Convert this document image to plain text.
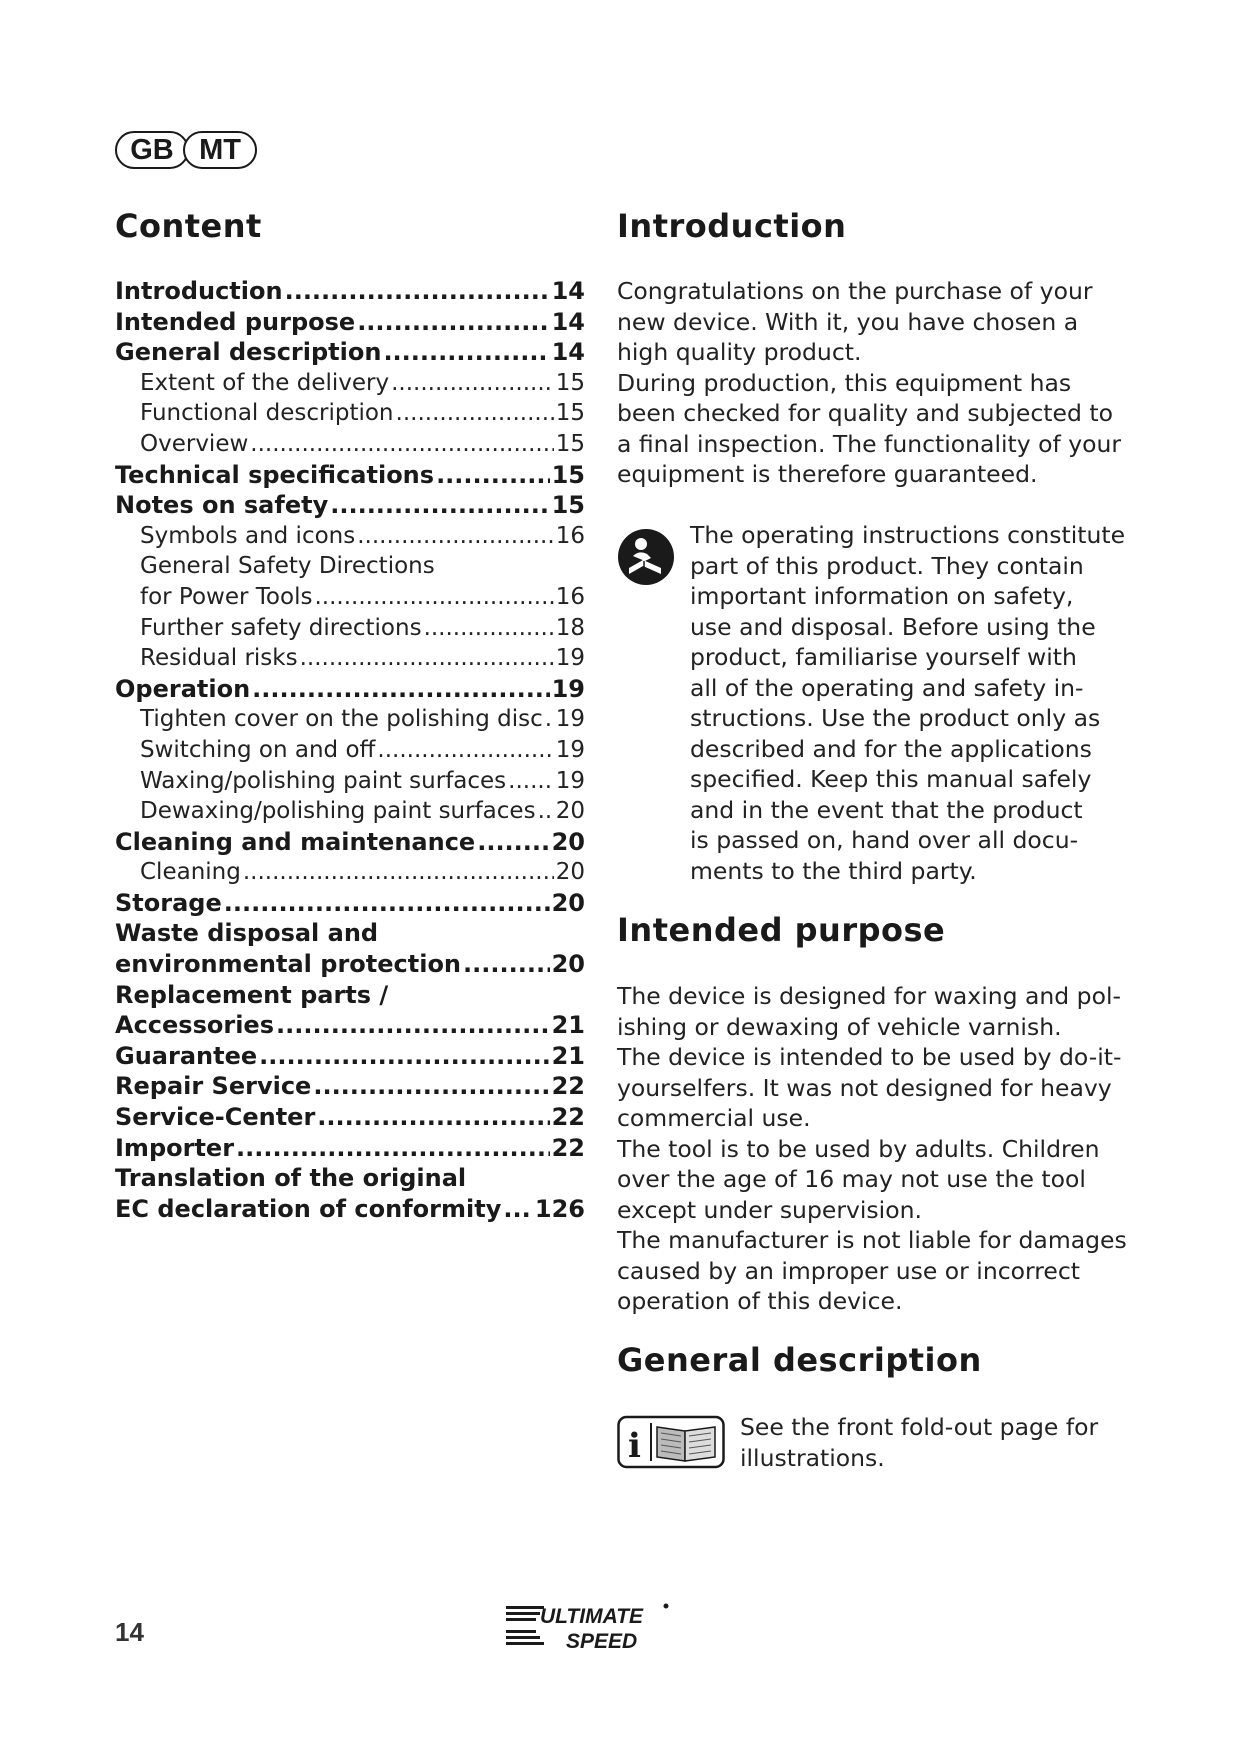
GB MT
Content
Introduction .....	14
Intended purpose .....	14
General description .....	14
Extent of the delivery .....	15
Functional description .....	15
Overview .....	15
Technical specifications .....	15
Notes on safety .....	15
Symbols and icons .....	16
General Safety Directions
for Power Tools .....	16
Further safety directions .....	18
Residual risks .....	19
Operation .....	19
Tighten cover on the polishing disc ..... 19
Switching on and off .....	19
Waxing/polishing paint surfaces ..... 19
Dewaxing/polishing paint surfaces ..... 20
Cleaning and maintenance .....	20
Cleaning .....	20
Storage .....	20
Waste disposal and
environmental protection .....	20
Replacement parts /
Accessories .....	21
Guarantee .....	21
Repair Service .....	22
Service-Center .....	22
Importer .....	22
Translation of the original
EC declaration of conformity ..... 126
Introduction
Congratulations on the purchase of your
new device. With it, you have chosen a
high quality product.
During production, this equipment has
been checked for quality and subjected to
a final inspection. The functionality of your
equipment is therefore guaranteed.
The operating instructions constitute
part of this product. They contain
important information on safety,
use and disposal. Before using the
product, familiarise yourself with
all of the operating and safety in-
structions. Use the product only as
described and for the applications
specified. Keep this manual safely
and in the event that the product
is passed on, hand over all docu-
ments to the third party.
Intended purpose
The device is designed for waxing and pol-
ishing or dewaxing of vehicle varnish.
The device is intended to be used by do-it-
yourselfers. It was not designed for heavy
commercial use.
The tool is to be used by adults. Children
over the age of 16 may not use the tool
except under supervision.
The manufacturer is not liable for damages
caused by an improper use or incorrect
operation of this device.
General description
i	See the front fold-out page for
illustrations.
14
ULTIMATE
SPEED
